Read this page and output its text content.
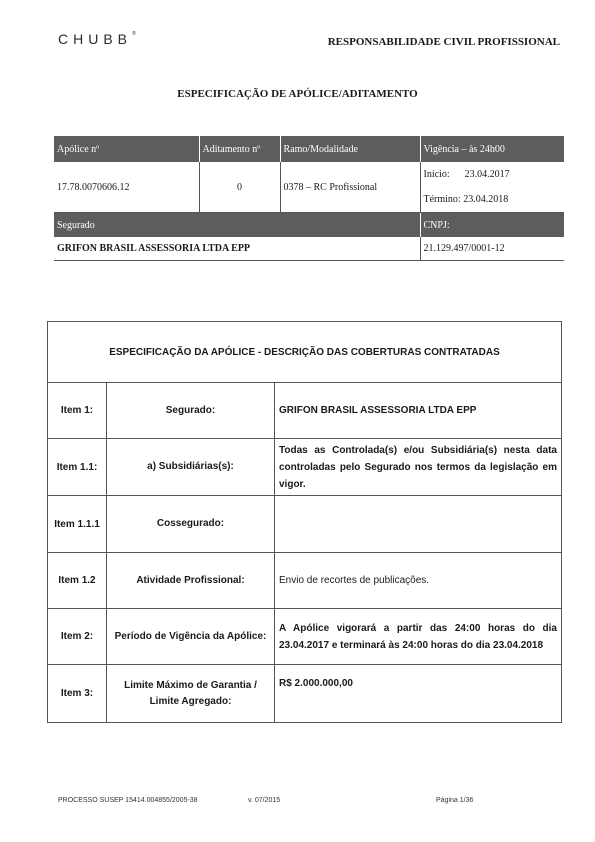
CHUBB®
RESPONSABILIDADE CIVIL PROFISSIONAL
ESPECIFICAÇÃO DE APÓLICE/ADITAMENTO
Apólice nº	Aditamento nº	Ramo/Modalidade	Vigência – às 24h00
17.78.0070606.12	0	0378 – RC Profissional	Início: 23.04.2017
Término: 23.04.2018

Segurado			CNPJ:
GRIFON BRASIL ASSESSORIA LTDA EPP			21.129.497/0001-12
ESPECIFICAÇÃO DA APÓLICE - DESCRIÇÃO DAS COBERTURAS CONTRATADAS		
Item 1:	Segurado:	GRIFON BRASIL ASSESSORIA LTDA EPP
Item 1.1:	a) Subsidiárias(s):	Todas as Controlada(s) e/ou Subsidiária(s) nesta data controladas pelo Segurado nos termos da legislação em vigor.
Item 1.1.1	Cossegurado:	
Item 1.2	Atividade Profissional:	Envio de recortes de publicações.
Item 2:	Período de Vigência da Apólice:	A Apólice vigorará a partir das 24:00 horas do dia 23.04.2017 e terminará às 24:00 horas do dia 23.04.2018
Item 3:	Limite Máximo de Garantia / Limite Agregado:	R$ 2.000.000,00
PROCESSO SUSEP 15414.004855/2005-38	v. 07/2015	Página 1/36
